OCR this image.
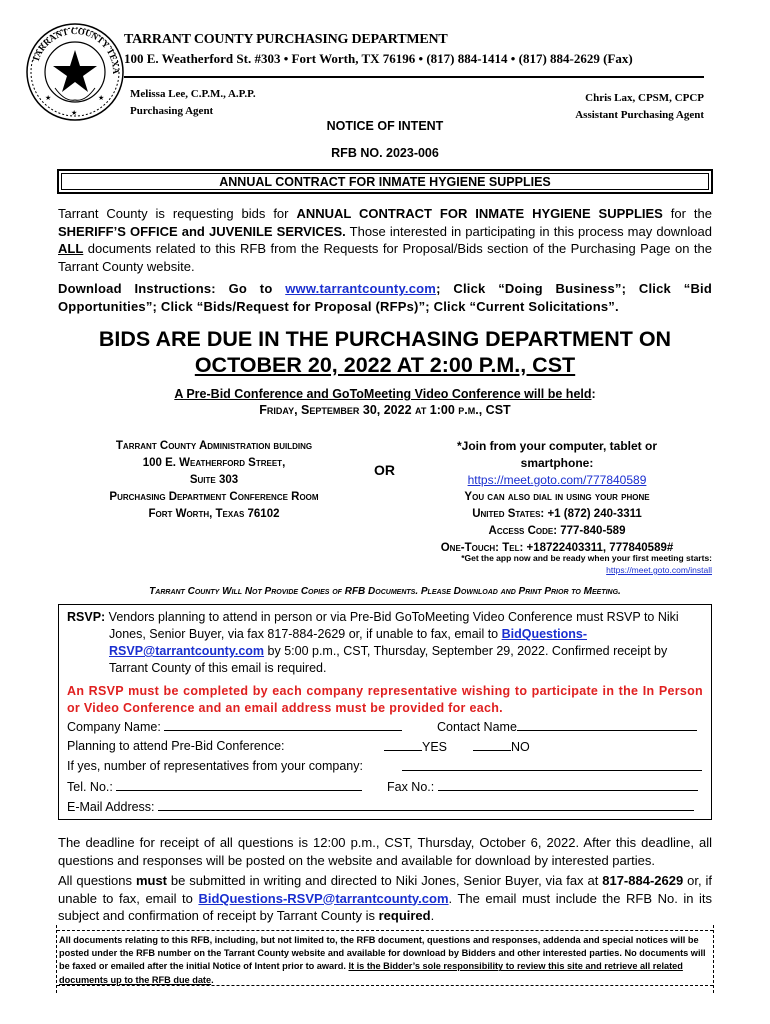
TARRANT COUNTY TEXA
★	★
★
TARRANT COUNTY PURCHASING DEPARTMENT
100 E. Weatherford St. #303 • Fort Worth, TX 76196 • (817) 884-1414 • (817) 884-2629 (Fax)
Melissa Lee, C.P.M., A.P.P.
Purchasing Agent
Chris Lax, CPSM, CPCP
Assistant Purchasing Agent
NOTICE OF INTENT
RFB NO. 2023-006
ANNUAL CONTRACT FOR INMATE HYGIENE SUPPLIES
Tarrant County is requesting bids for ANNUAL CONTRACT FOR INMATE HYGIENE SUPPLIES for the SHERIFF’S OFFICE and JUVENILE SERVICES. Those interested in participating in this process may download ALL documents related to this RFB from the Requests for Proposal/Bids section of the Purchasing Page on the Tarrant County website.
Download Instructions: Go to www.tarrantcounty.com; Click “Doing Business”; Click “Bid Opportunities”; Click “Bids/Request for Proposal (RFPs)”; Click “Current Solicitations”.
BIDS ARE DUE IN THE PURCHASING DEPARTMENT ON
OCTOBER 20, 2022 AT 2:00 P.M., CST
A Pre-Bid Conference and GoToMeeting Video Conference will be held:
Friday, September 30, 2022 at 1:00 p.m., CST
Tarrant County Administration building
100 E. Weatherford Street,
Suite 303
Purchasing Department Conference Room
Fort Worth, Texas 76102
OR
*Join from your computer, tablet or
smartphone:
https://meet.goto.com/777840589
You can also dial in using your phone
United States: +1 (872) 240-3311
Access Code: 777-840-589
One-Touch: Tel: +18722403311, 777840589#
*Get the app now and be ready when your first meeting starts:
https://meet.goto.com/install
Tarrant County Will Not Provide Copies of RFB Documents. Please Download and Print Prior to Meeting.
RSVP: Vendors planning to attend in person or via Pre-Bid GoToMeeting Video Conference must RSVP to Niki Jones, Senior Buyer, via fax 817-884-2629 or, if unable to fax, email to BidQuestions-RSVP@tarrantcounty.com by 5:00 p.m., CST, Thursday, September 29, 2022. Confirmed receipt by Tarrant County of this email is required.
An RSVP must be completed by each company representative wishing to participate in the In Person or Video Conference and an email address must be provided for each.
Company Name:	Contact Name
Planning to attend Pre-Bid Conference:	YES	NO
If yes, number of representatives from your company:
Tel. No.:	Fax No.:
E-Mail Address:
The deadline for receipt of all questions is 12:00 p.m., CST, Thursday, October 6, 2022. After this deadline, all questions and responses will be posted on the website and available for download by interested parties.
All questions must be submitted in writing and directed to Niki Jones, Senior Buyer, via fax at 817-884-2629 or, if unable to fax, email to BidQuestions-RSVP@tarrantcounty.com. The email must include the RFB No. in its subject and confirmation of receipt by Tarrant County is required.
All documents relating to this RFB, including, but not limited to, the RFB document, questions and responses, addenda and special notices will be posted under the RFB number on the Tarrant County website and available for download by Bidders and other interested parties. No documents will be faxed or emailed after the initial Notice of Intent prior to award. It is the Bidder’s sole responsibility to review this site and retrieve all related documents up to the RFB due date.
